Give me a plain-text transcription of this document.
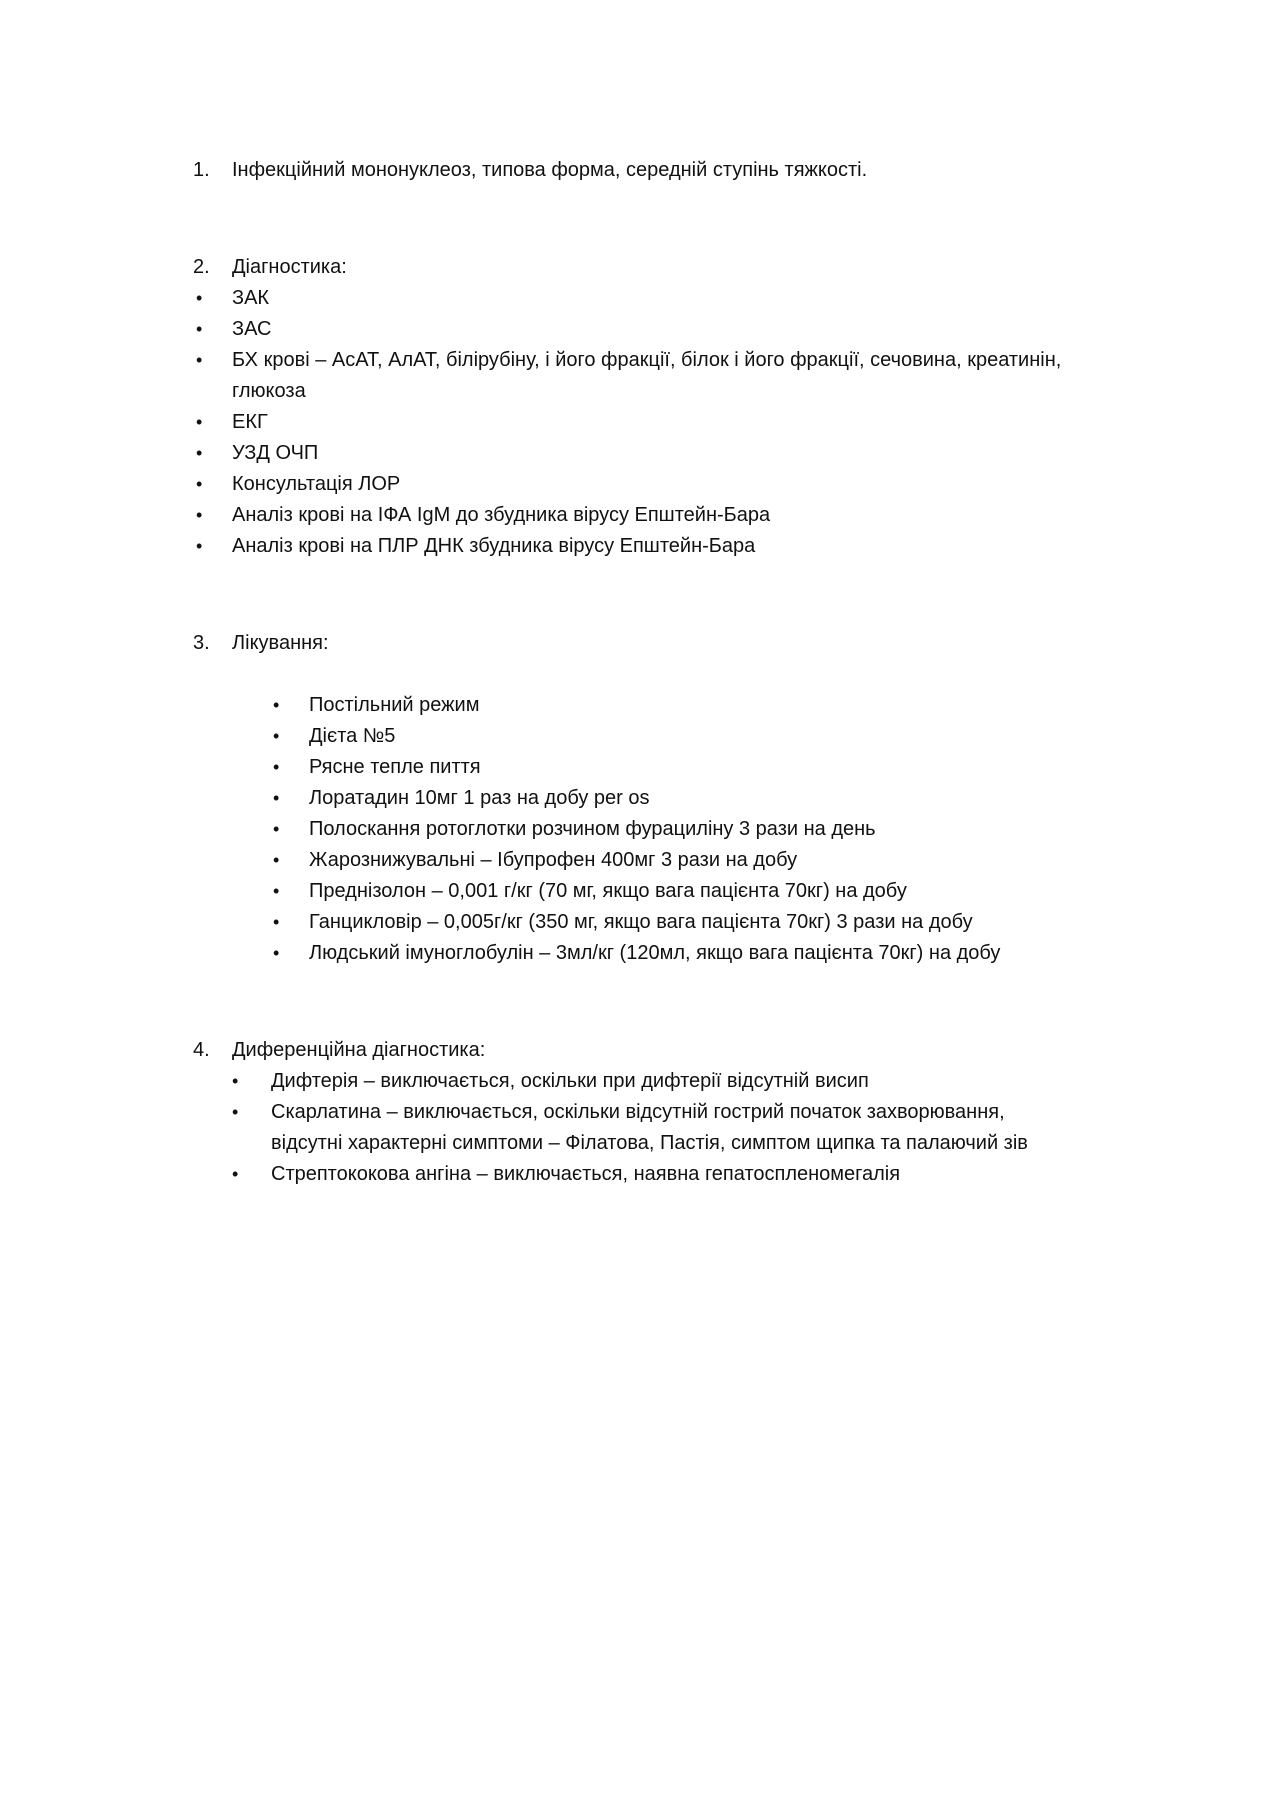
1. Інфекційний мононуклеоз, типова форма, середній ступінь тяжкості.
2. Діагностика:
• ЗАК
• ЗАС
• БХ крові – АсАТ, АлАТ, білірубіну, і його фракції, білок і його фракції, сечовина, креатинін,
глюкоза
• ЕКГ
• УЗД ОЧП
• Консультація ЛОР
• Аналіз крові на ІФА IgM до збудника вірусу Епштейн-Бара
• Аналіз крові на ПЛР ДНК збудника вірусу Епштейн-Бара
3. Лікування:
• Постільний режим
• Дієта №5
• Рясне тепле пиття
• Лоратадин 10мг 1 раз на добу per os
• Полоскання ротоглотки розчином фурациліну 3 рази на день
• Жарознижувальні – Ібупрофен 400мг 3 рази на добу
• Преднізолон – 0,001 г/кг (70 мг, якщо вага пацієнта 70кг) на добу
• Ганцикловір – 0,005г/кг (350 мг, якщо вага пацієнта 70кг) 3 рази на добу
• Людський імуноглобулін – 3мл/кг (120мл, якщо вага пацієнта 70кг) на добу
4. Диференційна діагностика:
• Дифтерія – виключається, оскільки при дифтерії відсутній висип
• Скарлатина – виключається, оскільки відсутній гострий початок захворювання,
відсутні характерні симптоми – Філатова, Пастія, симптом щипка та палаючий зів
• Стрептококова ангіна – виключається, наявна гепатоспленомегалія
